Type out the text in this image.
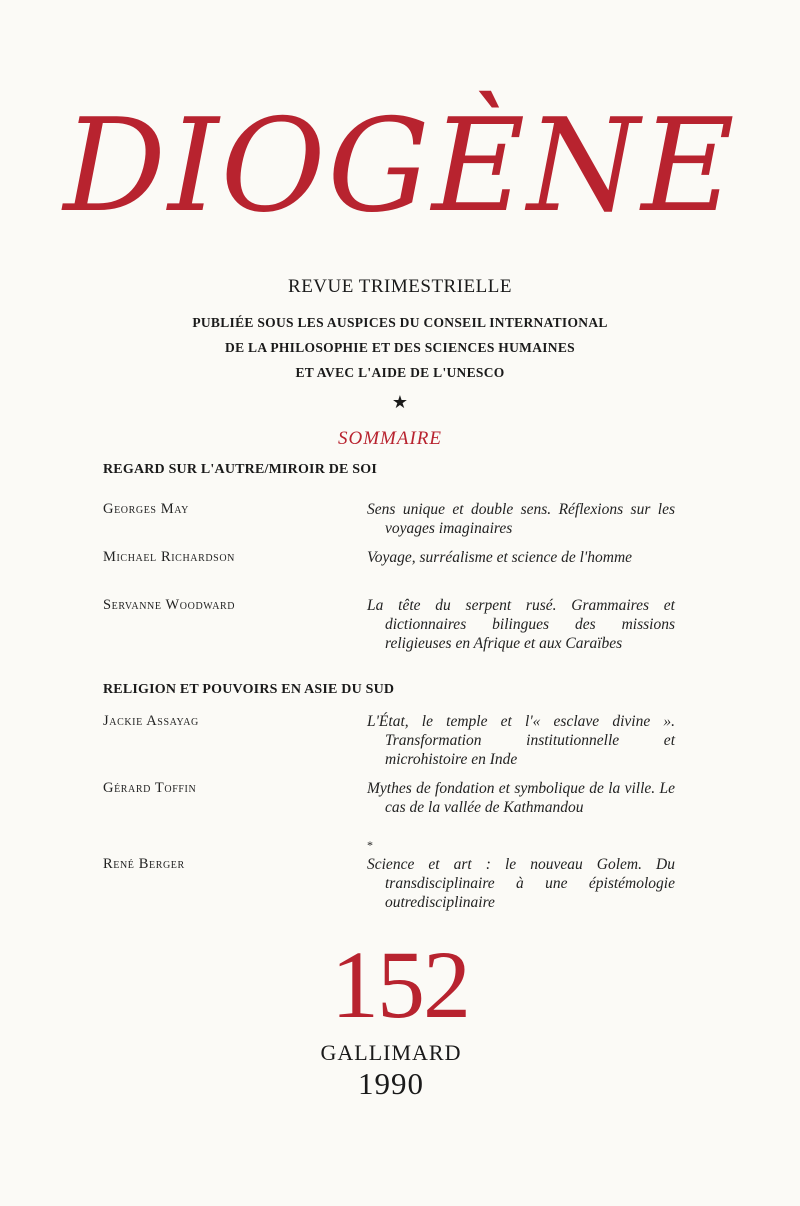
DIOGÈNE
REVUE TRIMESTRIELLE
PUBLIÉE SOUS LES AUSPICES DU CONSEIL INTERNATIONAL
DE LA PHILOSOPHIE ET DES SCIENCES HUMAINES
ET AVEC L'AIDE DE L'UNESCO
★
SOMMAIRE
REGARD SUR L'AUTRE/MIROIR DE SOI
Georges May	Sens unique et double sens. Réflexions sur les voyages imaginaires
Michael Richardson	Voyage, surréalisme et science de l'homme
Servanne Woodward	La tête du serpent rusé. Grammaires et dictionnaires bilingues des missions religieuses en Afrique et aux Caraïbes
RELIGION ET POUVOIRS EN ASIE DU SUD
Jackie Assayag	L'État, le temple et l'« esclave divine ». Transformation institutionnelle et microhistoire en Inde
Gérard Toffin	Mythes de fondation et symbolique de la ville. Le cas de la vallée de Kathmandou
*
René Berger	Science et art : le nouveau Golem. Du transdisciplinaire à une épistémologie outredisciplinaire
152
GALLIMARD
1990
